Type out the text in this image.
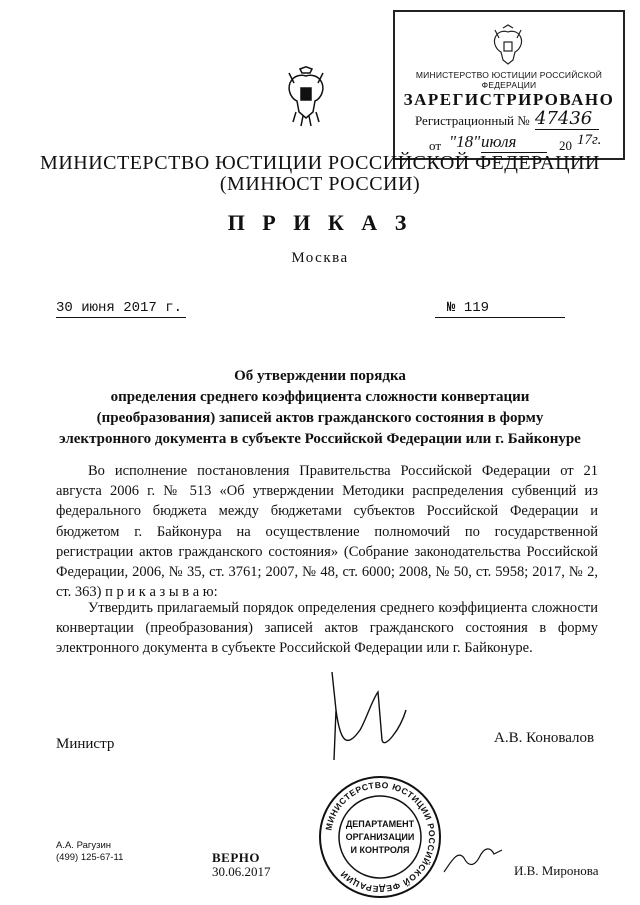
МИНИСТЕРСТВО ЮСТИЦИИ РОССИЙСКОЙ ФЕДЕРАЦИИ
ЗАРЕГИСТРИРОВАНО
Регистрационный № 47436
от "18" июля	20 17г.
МИНИСТЕРСТВО ЮСТИЦИИ РОССИЙСКОЙ ФЕДЕРАЦИИ
(МИНЮСТ РОССИИ)
П Р И К А З
Москва
30 июня 2017 г.	№ 119
Об утверждении порядка
определения среднего коэффициента сложности конвертации
(преобразования) записей актов гражданского состояния в форму
электронного документа в субъекте Российской Федерации или г. Байконуре
Во исполнение постановления Правительства Российской Федерации от 21 августа 2006 г. № 513 «Об утверждении Методики распределения субвенций из федерального бюджета между бюджетами субъектов Российской Федерации и бюджетом г. Байконура на осуществление полномочий по государственной регистрации актов гражданского состояния» (Собрание законодательства Российской Федерации, 2006, № 35, ст. 3761; 2007, № 48, ст. 6000; 2008, № 50, ст. 5958; 2017, № 2, ст. 363) п р и к а з ы в а ю:
Утвердить прилагаемый порядок определения среднего коэффициента сложности конвертации (преобразования) записей актов гражданского состояния в форму электронного документа в субъекте Российской Федерации или г. Байконуре.
Министр	А.В. Коновалов
МИНИСТЕРСТВО ЮСТИЦИИ РОССИЙСКОЙ ФЕДЕРАЦИИ
ДЕПАРТАМЕНТ
ОРГАНИЗАЦИИ
И КОНТРОЛЯ
А.А. Рагузин
(499) 125-67-11	ВЕРНО
30.06.2017	И.В. Миронова
